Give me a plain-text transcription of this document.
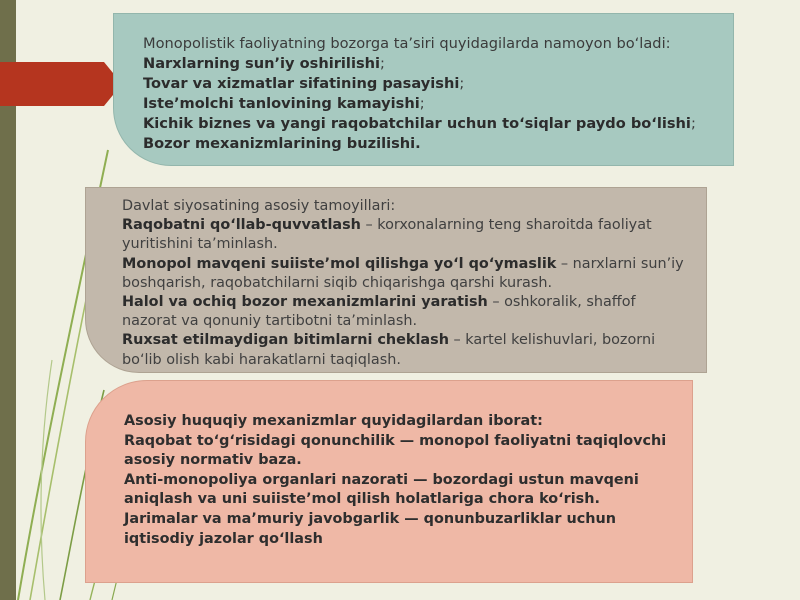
Monopolistik faoliyatning bozorga ta’siri quyidagilarda namoyon bo‘ladi:

Narxlarning sun’iy oshirilishi;

Tovar va xizmatlar sifatining pasayishi;

Iste’molchi tanlovining kamayishi;

Kichik biznes va yangi raqobatchilar uchun to‘siqlar paydo bo‘lishi;

Bozor mexanizmlarining buzilishi.

Davlat siyosatining asosiy tamoyillari:

Raqobatni qo‘llab-quvvatlash – korxonalarning teng sharoitda faoliyat yuritishini ta’minlash.

Monopol mavqeni suiiste’mol qilishga yo‘l qo‘ymaslik – narxlarni sun’iy boshqarish, raqobatchilarni siqib chiqarishga qarshi kurash.

Halol va ochiq bozor mexanizmlarini yaratish – oshkoralik, shaffof nazorat va qonuniy tartibotni ta’minlash.

Ruxsat etilmaydigan bitimlarni cheklash – kartel kelishuvlari, bozorni bo‘lib olish kabi harakatlarni taqiqlash.

Asosiy huquqiy mexanizmlar quyidagilardan iborat:

Raqobat to‘g‘risidagi qonunchilik — monopol faoliyatni taqiqlovchi asosiy normativ baza.

Anti-monopoliya organlari nazorati — bozordagi ustun mavqeni aniqlash va uni suiiste’mol qilish holatlariga chora ko‘rish.

Jarimalar va ma’muriy javobgarlik — qonunbuzarliklar uchun iqtisodiy jazolar qo‘llash
